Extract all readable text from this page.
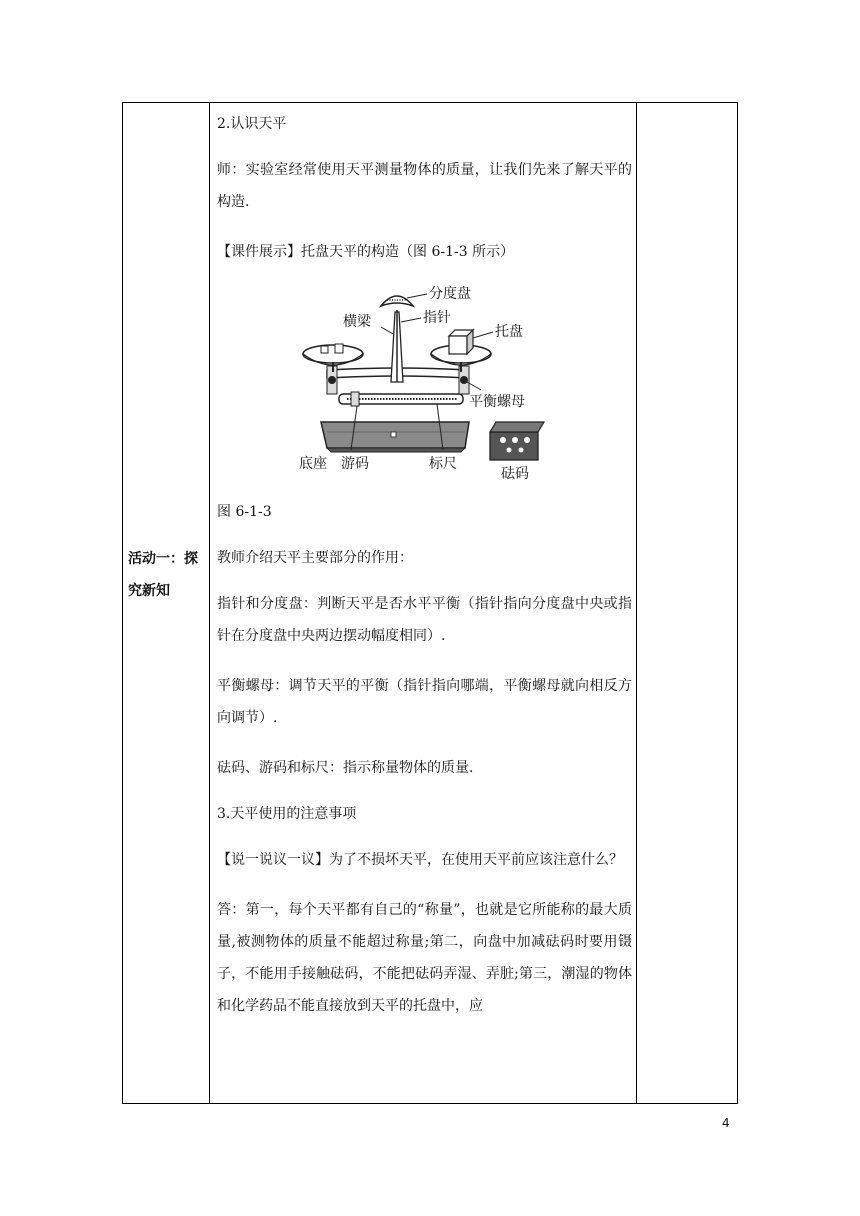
活动一：探
究新知

2.认识天平

师：实验室经常使用天平测量物体的质量，让我们先来了解天平的构造.

【课件展示】托盘天平的构造（图 6-1-3 所示）

分度盘
横梁	指针
托盘
平衡螺母
底座 游码	标尺
砝码

图 6-1-3

教师介绍天平主要部分的作用：

指针和分度盘：判断天平是否水平平衡（指针指向分度盘中央或指针在分度盘中央两边摆动幅度相同）.

平衡螺母：调节天平的平衡（指针指向哪端，平衡螺母就向相反方向调节）.

砝码、游码和标尺：指示称量物体的质量.

3.天平使用的注意事项

【说一说议一议】为了不损坏天平，在使用天平前应该注意什么？

答：第一，每个天平都有自己的“称量”，也就是它所能称的最大质量,被测物体的质量不能超过称量;第二，向盘中加减砝码时要用镊子，不能用手接触砝码，不能把砝码弄湿、弄脏;第三，潮湿的物体和化学药品不能直接放到天平的托盘中，应

4
